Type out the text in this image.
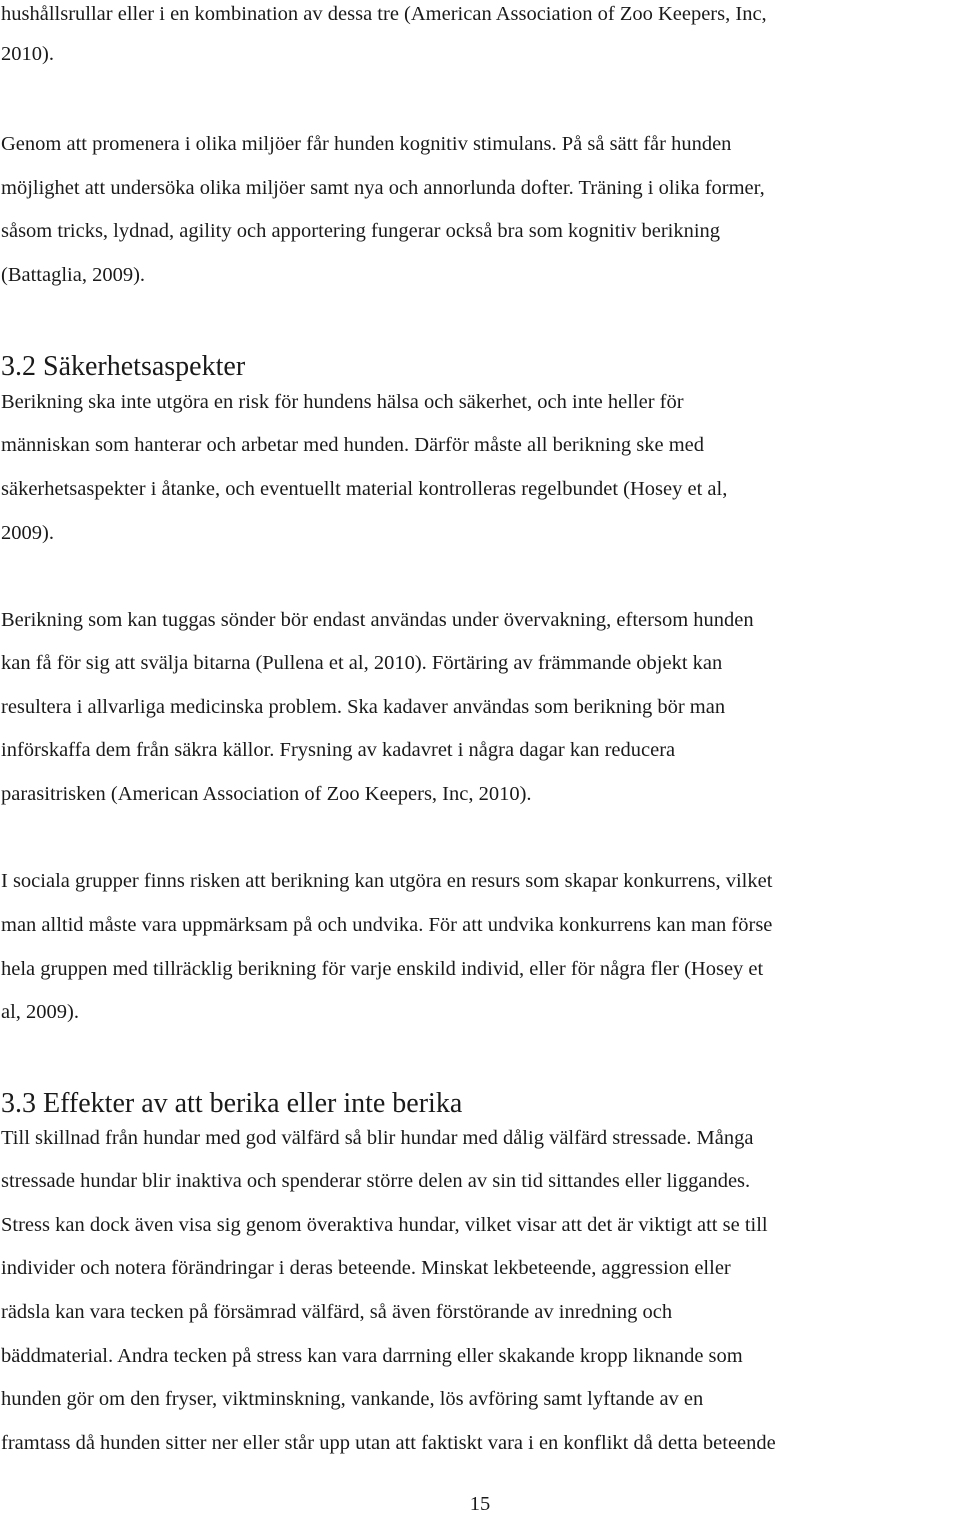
hushållsrullar eller i en kombination av dessa tre (American Association of Zoo Keepers, Inc,

2010).

Genom att promenera i olika miljöer får hunden kognitiv stimulans. På så sätt får hunden

möjlighet att undersöka olika miljöer samt nya och annorlunda dofter. Träning i olika former,

såsom tricks, lydnad, agility och apportering fungerar också bra som kognitiv berikning

(Battaglia, 2009).

3.2 Säkerhetsaspekter

Berikning ska inte utgöra en risk för hundens hälsa och säkerhet, och inte heller för

människan som hanterar och arbetar med hunden. Därför måste all berikning ske med

säkerhetsaspekter i åtanke, och eventuellt material kontrolleras regelbundet (Hosey et al,

2009).

Berikning som kan tuggas sönder bör endast användas under övervakning, eftersom hunden

kan få för sig att svälja bitarna (Pullena et al, 2010). Förtäring av främmande objekt kan

resultera i allvarliga medicinska problem. Ska kadaver användas som berikning bör man

införskaffa dem från säkra källor. Frysning av kadavret i några dagar kan reducera

parasitrisken (American Association of Zoo Keepers, Inc, 2010).

I sociala grupper finns risken att berikning kan utgöra en resurs som skapar konkurrens, vilket

man alltid måste vara uppmärksam på och undvika. För att undvika konkurrens kan man förse

hela gruppen med tillräcklig berikning för varje enskild individ, eller för några fler (Hosey et

al, 2009).

3.3 Effekter av att berika eller inte berika

Till skillnad från hundar med god välfärd så blir hundar med dålig välfärd stressade. Många

stressade hundar blir inaktiva och spenderar större delen av sin tid sittandes eller liggandes.

Stress kan dock även visa sig genom överaktiva hundar, vilket visar att det är viktigt att se till

individer och notera förändringar i deras beteende. Minskat lekbeteende, aggression eller

rädsla kan vara tecken på försämrad välfärd, så även förstörande av inredning och

bäddmaterial. Andra tecken på stress kan vara darrning eller skakande kropp liknande som

hunden gör om den fryser, viktminskning, vankande, lös avföring samt lyftande av en

framtass då hunden sitter ner eller står upp utan att faktiskt vara i en konflikt då detta beteende

15
